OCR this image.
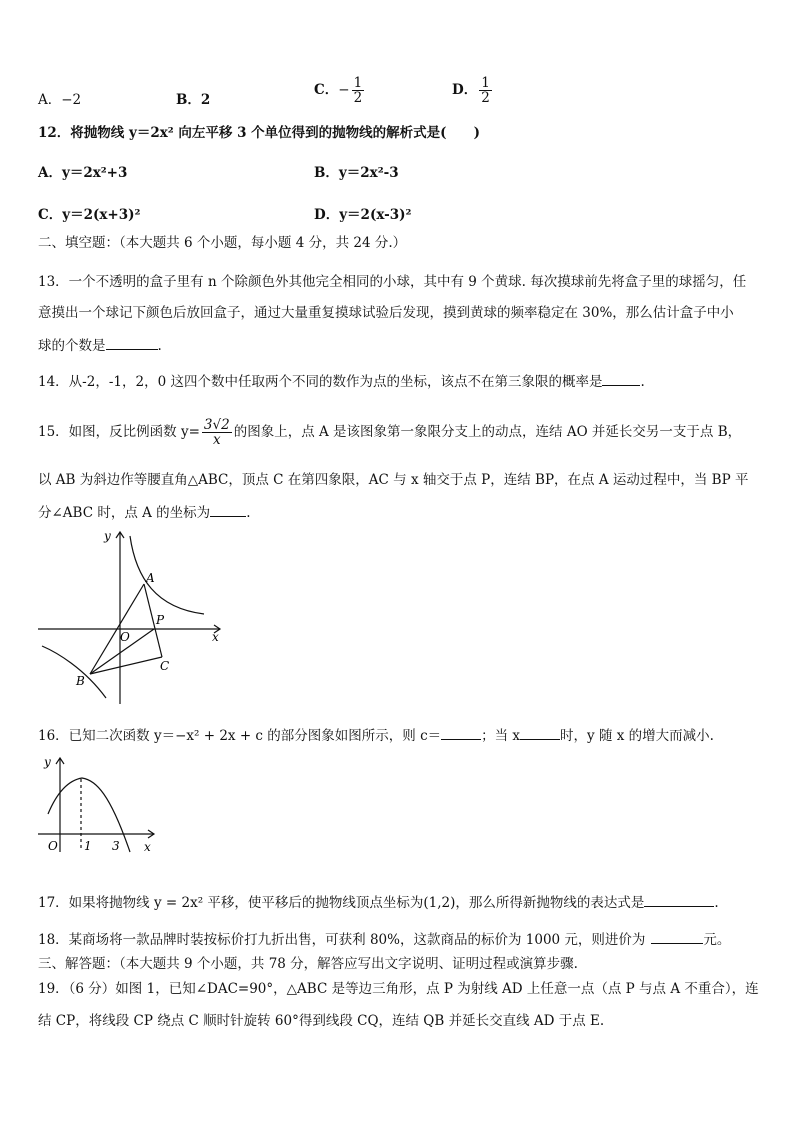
A．−2	B．2
C．− $\frac{1}{2}$	D． $\frac{1}{2}$
12．将抛物线 y＝2x² 向左平移 3 个单位得到的抛物线的解析式是(　　)
A．y＝2x²+3	B．y＝2x²-3
C．y＝2(x+3)²	D．y＝2(x-3)²
二、填空题：（本大题共 6 个小题，每小题 4 分，共 24 分.）
13．一个不透明的盒子里有 n 个除颜色外其他完全相同的小球，其中有 9 个黄球. 每次摸球前先将盒子里的球摇匀，任
意摸出一个球记下颜色后放回盒子，通过大量重复摸球试验后发现，摸到黄球的频率稳定在 30%，那么估计盒子中小
球的个数是	.
14．从-2，-1，2，0 这四个数中任取两个不同的数作为点的坐标，该点不在第三象限的概率是	.
15．如图，反比例函数 $y= \frac{3√2}{x}$ 的图象上，点 A 是该图象第一象限分支上的动点，连结 AO 并延长交另一支于点 B，
以 AB 为斜边作等腰直角△ABC，顶点 C 在第四象限，AC 与 x 轴交于点 P，连结 BP，在点 A 运动过程中，当 BP 平
分∠ABC 时，点 A 的坐标为	.
y
x
O
A
P
B
C
16．已知二次函数 y＝−x² + 2x + c 的部分图象如图所示，则 c＝	；当 x	时，y 随 x 的增大而减小.
y
x
O 1 3
17．如果将抛物线 y = 2x² 平移，使平移后的抛物线顶点坐标为(1,2)，那么所得新抛物线的表达式是	.
18．某商场将一款品牌时装按标价打九折出售，可获利 80%，这款商品的标价为 1000 元，则进价为	元。
三、解答题：（本大题共 9 个小题，共 78 分，解答应写出文字说明、证明过程或演算步骤.
19．（6 分）如图 1，已知∠DAC=90°，△ABC 是等边三角形，点 P 为射线 AD 上任意一点（点 P 与点 A 不重合），连
结 CP，将线段 CP 绕点 C 顺时针旋转 60°得到线段 CQ，连结 QB 并延长交直线 AD 于点 E.
